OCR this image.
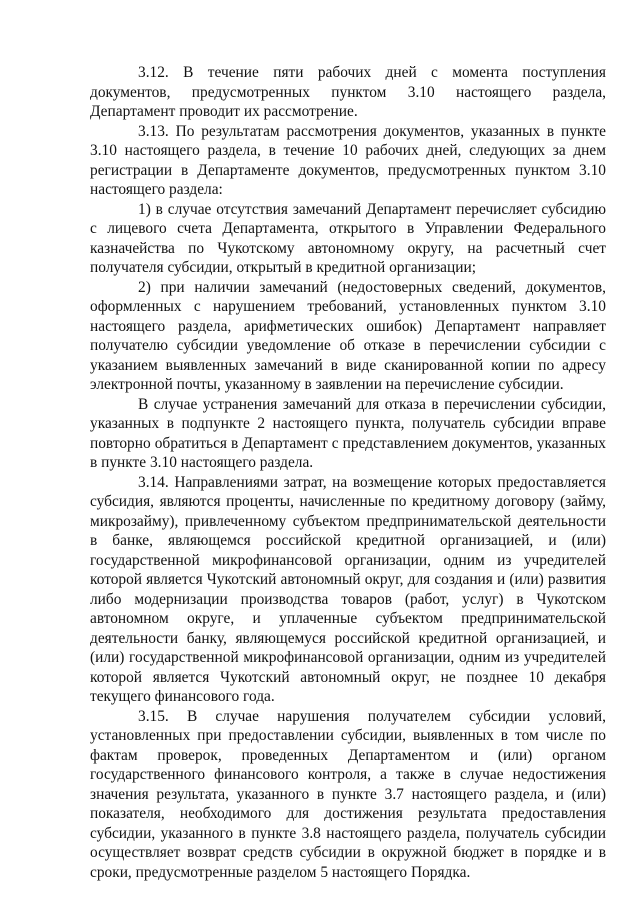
3.12. В течение пяти рабочих дней с момента поступления документов, предусмотренных пунктом 3.10 настоящего раздела, Департамент проводит их рассмотрение.

3.13. По результатам рассмотрения документов, указанных в пункте 3.10 настоящего раздела, в течение 10 рабочих дней, следующих за днем регистрации в Департаменте документов, предусмотренных пунктом 3.10 настоящего раздела:

1) в случае отсутствия замечаний Департамент перечисляет субсидию с лицевого счета Департамента, открытого в Управлении Федерального казначейства по Чукотскому автономному округу, на расчетный счет получателя субсидии, открытый в кредитной организации;

2) при наличии замечаний (недостоверных сведений, документов, оформленных с нарушением требований, установленных пунктом 3.10 настоящего раздела, арифметических ошибок) Департамент направляет получателю субсидии уведомление об отказе в перечислении субсидии с указанием выявленных замечаний в виде сканированной копии по адресу электронной почты, указанному в заявлении на перечисление субсидии.

В случае устранения замечаний для отказа в перечислении субсидии, указанных в подпункте 2 настоящего пункта, получатель субсидии вправе повторно обратиться в Департамент с представлением документов, указанных в пункте 3.10 настоящего раздела.

3.14. Направлениями затрат, на возмещение которых предоставляется субсидия, являются проценты, начисленные по кредитному договору (займу, микрозайму), привлеченному субъектом предпринимательской деятельности в банке, являющемся российской кредитной организацией, и (или) государственной микрофинансовой организации, одним из учредителей которой является Чукотский автономный округ, для создания и (или) развития либо модернизации производства товаров (работ, услуг) в Чукотском автономном округе, и уплаченные субъектом предпринимательской деятельности банку, являющемуся российской кредитной организацией, и (или) государственной микрофинансовой организации, одним из учредителей которой является Чукотский автономный округ, не позднее 10 декабря текущего финансового года.

3.15. В случае нарушения получателем субсидии условий, установленных при предоставлении субсидии, выявленных в том числе по фактам проверок, проведенных Департаментом и (или) органом государственного финансового контроля, а также в случае недостижения значения результата, указанного в пункте 3.7 настоящего раздела, и (или) показателя, необходимого для достижения результата предоставления субсидии, указанного в пункте 3.8 настоящего раздела, получатель субсидии осуществляет возврат средств субсидии в окружной бюджет в порядке и в сроки, предусмотренные разделом 5 настоящего Порядка.
